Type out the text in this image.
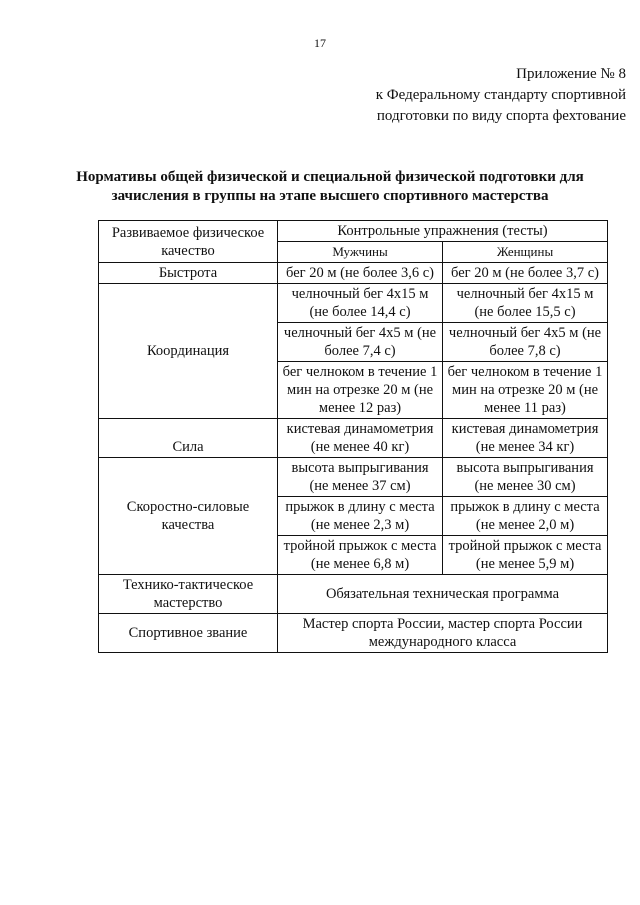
17
Приложение № 8
к Федеральному стандарту спортивной
подготовки по виду спорта фехтование
Нормативы общей физической и специальной физической подготовки для
зачисления в группы на этапе высшего спортивного мастерства
Развиваемое физическое качество	Контрольные упражнения (тесты)	
	Мужчины	Женщины
Быстрота	бег 20 м (не более 3,6 с)	бег 20 м (не более 3,7 с)
Координация	челночный бег 4х15 м (не более 14,4 с)	челночный бег 4х15 м (не более 15,5 с)
	челночный бег 4х5 м (не более 7,4 с)	челночный бег 4х5 м (не более 7,8 с)
	бег челноком в течение 1 мин на отрезке 20 м (не менее 12 раз)	бег челноком в течение 1 мин на отрезке 20 м (не менее 11 раз)
Сила	кистевая динамометрия (не менее 40 кг)	кистевая динамометрия (не менее 34 кг)
Скоростно-силовые качества	высота выпрыгивания (не менее 37 см)	высота выпрыгивания (не менее 30 см)
	прыжок в длину с места (не менее 2,3 м)	прыжок в длину с места (не менее 2,0 м)
	тройной прыжок с места (не менее 6,8 м)	тройной прыжок с места (не менее 5,9 м)
Технико-тактическое мастерство	Обязательная техническая программа	
Спортивное звание	Мастер спорта России, мастер спорта России международного класса	
